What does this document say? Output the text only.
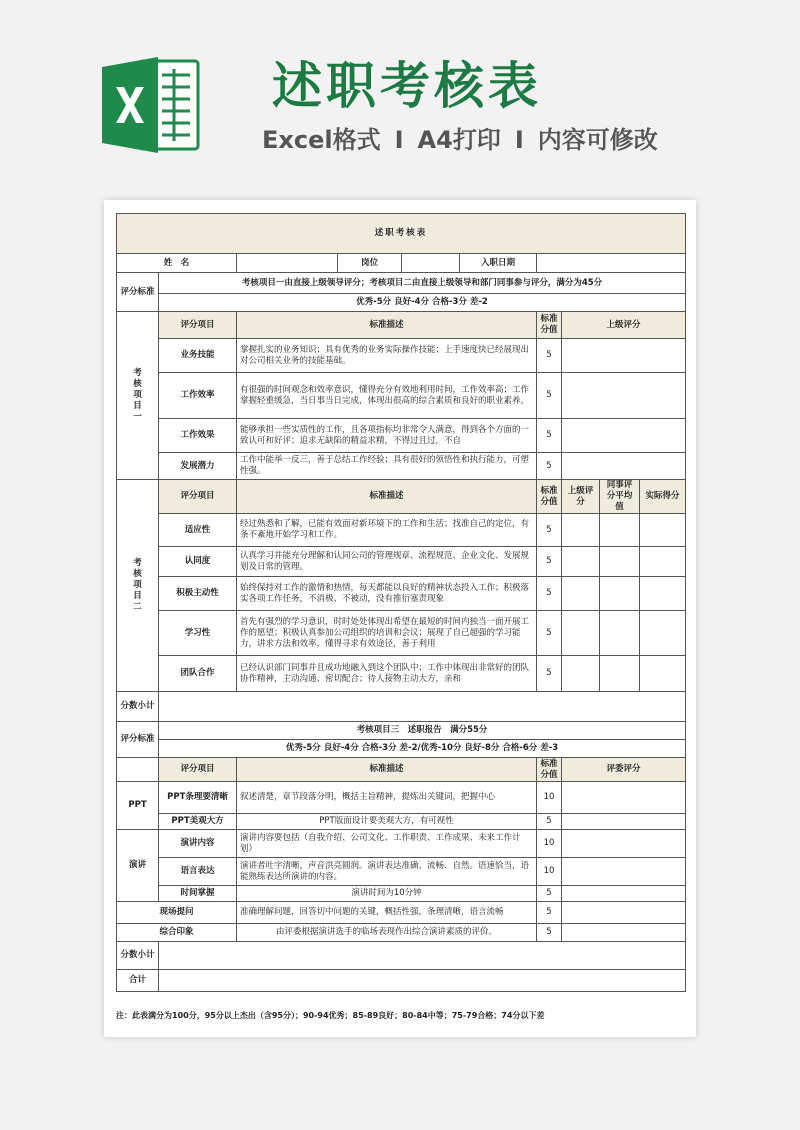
述职考核表
Excel格式 I A4打印 I 内容可修改
述职考核表						
姓　名		岗位 入职日期				

评分标准	考核项目一由直接上级领导评分；考核项目二由直接上级领导和部门同事参与评分，满分为45分					
	优秀-5分 良好-4分 合格-3分 差-2					
考
核
项
目
一	评分项目	标准描述	标准分值	上级评分		
	业务技能	掌握扎实的业务知识；具有优秀的业务实际操作技能；上手速度快已经展现出对公司相关业务的技能基础。	5			
	工作效率	有很强的时间观念和效率意识，懂得充分有效地利用时间，工作效率高；工作掌握轻重缓急，当日事当日完成，体现出很高的综合素质和良好的职业素养。	5			
	工作效果	能够承担一些实质性的工作，且各项指标均非常令人满意，得到各个方面的一致认可和好评；追求无缺陷的精益求精，不得过且过，不自	5			
	发展潜力	工作中能举一反三，善于总结工作经验；具有很好的领悟性和执行能力，可塑性强。	5			
考
核
项
目
二	评分项目	标准描述	标准分值	上级评分	同事评分平均值	实际得分
	适应性	经过熟悉和了解，已能有效面对新环境下的工作和生活；找准自己的定位，有条不紊地开始学习和工作。	5			
	认同度	认真学习并能充分理解和认同公司的管理规章、流程规范、企业文化、发展规划及日常的管理。	5			
	积极主动性	始终保持对工作的激情和热情，每天都能以良好的精神状态投入工作；积极落实各项工作任务，不消极、不被动，没有推衍塞责现象	5			
	学习性	首先有强烈的学习意识，时时处处体现出希望在最短的时间内独当一面开展工作的愿望；积极认真参加公司组织的培训和会议；展现了自己超强的学习能力，讲求方法和效率，懂得寻求有效途径，善于利用	5			
	团队合作	已经认识部门同事并且成功地融入到这个团队中；工作中体现出非常好的团队协作精神，主动沟通、密切配合；待人接物主动大方，亲和	5			
分数小计						
评分标准	考核项目三　述职报告　满分55分					
	优秀-5分 良好-4分 合格-3分 差-2/优秀-10分 良好-8分 合格-6分 差-3					
	评分项目	标准描述	标准分值	评委评分		
PPT	PPT条理要清晰	叙述清楚，章节段落分明，概括主旨精神，提炼出关键词，把握中心	10			
	PPT美观大方	PPT版面设计要美观大方，有可视性	5			
演讲	演讲内容	演讲内容要包括（自我介绍、公司文化、工作职责、工作成果、未来工作计划）	10			
	语言表达	演讲者吐字清晰，声音洪亮圆润。演讲表达准确、流畅、自然。语速恰当，语能熟练表达所演讲的内容。	10			
	时间掌握	演讲时间为10分钟	5			
现场提问		准确理解问题，回答切中问题的关键，概括性强，条理清晰，语言流畅	5			
综合印象		由评委根据演讲选手的临场表现作出综合演讲素质的评价。	5			
分数小计						
合计						
注：此表满分为100分，95分以上杰出（含95分）；90-94优秀；85-89良好；80-84中等；75-79合格；74分以下差
